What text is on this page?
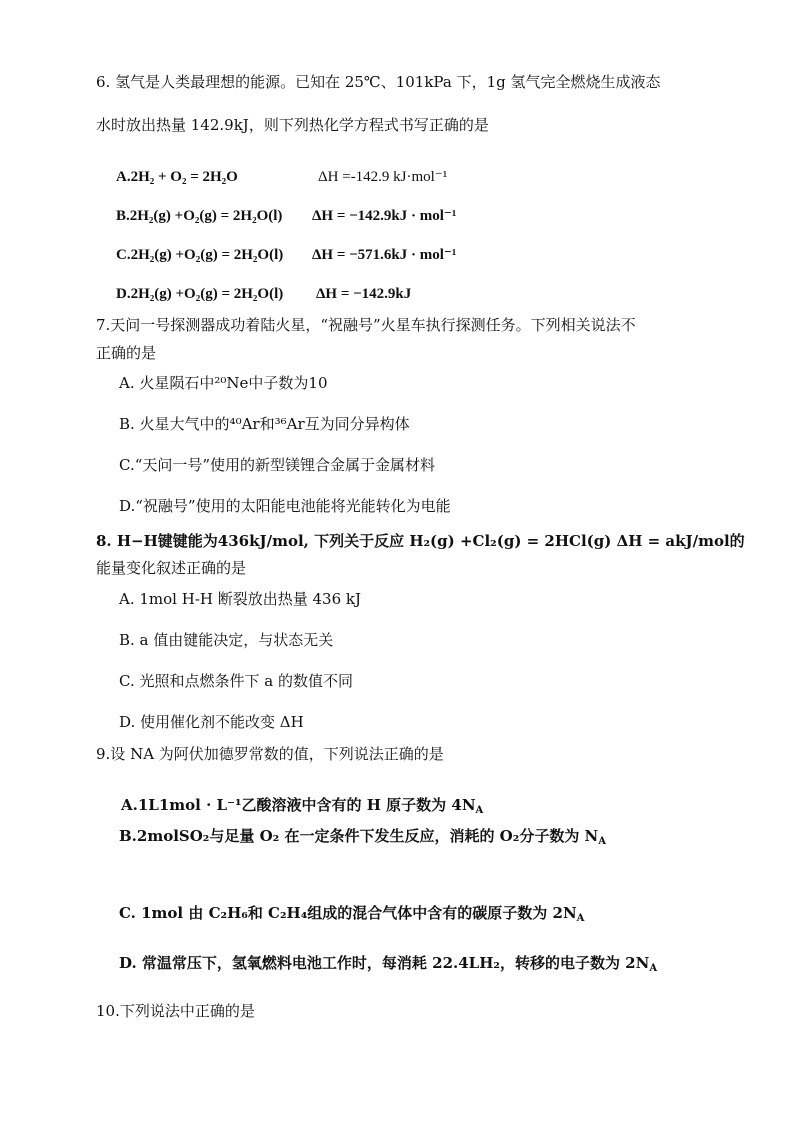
6. 氢气是人类最理想的能源。已知在 25℃、101kPa 下，1g 氢气完全燃烧生成液态
水时放出热量 142.9kJ，则下列热化学方程式书写正确的是
A.2H₂ + O₂ = 2H₂O	ΔH =-142.9 kJ·mol⁻¹
B.2H₂(g) +O₂(g) = 2H₂O(l) ΔH = −142.9kJ · mol⁻¹
C.2H₂(g) +O₂(g) = 2H₂O(l) ΔH = −571.6kJ · mol⁻¹
D.2H₂(g) +O₂(g) = 2H₂O(l) ΔH = −142.9kJ
7.天问一号探测器成功着陆火星，“祝融号”火星车执行探测任务。下列相关说法不
正确的是
A. 火星陨石中²⁰Ne中子数为10
B. 火星大气中的⁴⁰Ar和³⁶Ar互为同分异构体
C.“天问一号”使用的新型镁锂合金属于金属材料
D.“祝融号”使用的太阳能电池能将光能转化为电能
8. H−H键键能为436kJ/mol, 下列关于反应 H₂(g) +Cl₂(g) = 2HCl(g) ΔH = akJ/mol的
能量变化叙述正确的是
A. 1mol H-H 断裂放出热量 436 kJ
B. a 值由键能决定，与状态无关
C. 光照和点燃条件下 a 的数值不同
D. 使用催化剂不能改变 ΔH
9.设 NA 为阿伏加德罗常数的值，下列说法正确的是
A.1L1mol · L⁻¹乙酸溶液中含有的 H 原子数为 $4N_A$
B.2molSO₂与足量 O₂ 在一定条件下发生反应，消耗的 O₂分子数为 $N_A$
C. 1mol 由 C₂H₆和 C₂H₄组成的混合气体中含有的碳原子数为 $2N_A$
D. 常温常压下，氢氧燃料电池工作时，每消耗 22.4LH₂，转移的电子数为 $2N_A$
10.下列说法中正确的是
